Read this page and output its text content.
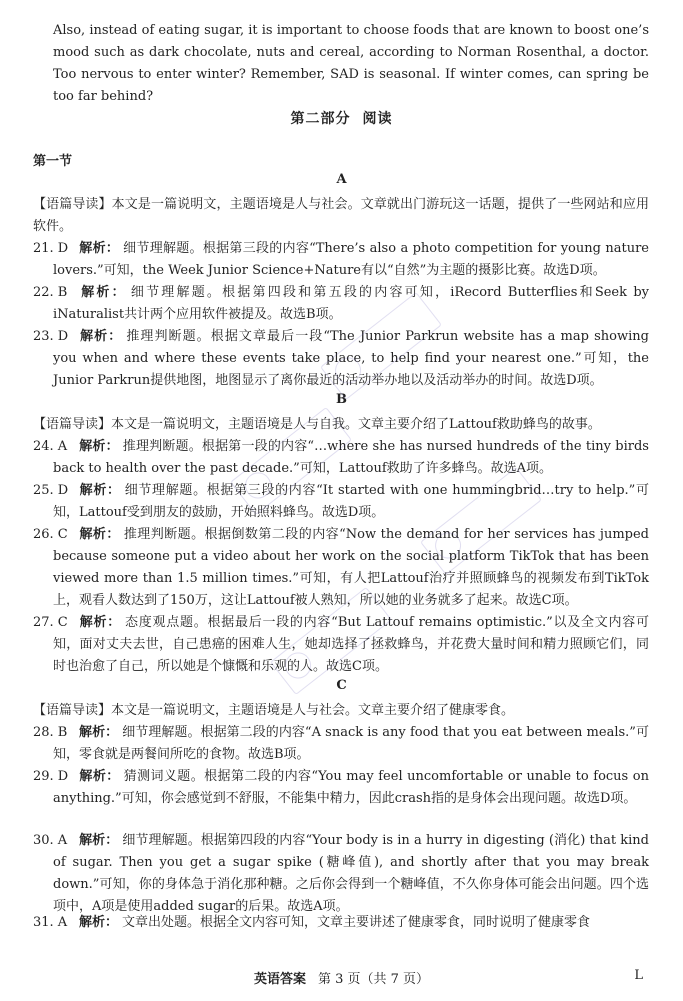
Also, instead of eating sugar, it is important to choose foods that are known to boost one’s mood such as dark chocolate, nuts and cereal, according to Norman Rosenthal, a doctor. Too nervous to enter winter? Remember, SAD is seasonal. If winter comes, can spring be too far behind?
第二部分 阅读
第一节
A
【语篇导读】本文是一篇说明文，主题语境是人与社会。文章就出门游玩这一话题，提供了一些网站和应用软件。
21. D 解析： 细节理解题。根据第三段的内容“There’s also a photo competition for young nature lovers.”可知，the Week Junior Science+Nature有以“自然”为主题的摄影比赛。故选D项。
22. B 解析： 细节理解题。根据第四段和第五段的内容可知，iRecord Butterflies和Seek by iNaturalist共计两个应用软件被提及。故选B项。
23. D 解析： 推理判断题。根据文章最后一段“The Junior Parkrun website has a map showing you when and where these events take place, to help find your nearest one.”可知，the Junior Parkrun提供地图，地图显示了离你最近的活动举办地以及活动举办的时间。故选D项。
B
【语篇导读】本文是一篇说明文，主题语境是人与自我。文章主要介绍了Lattouf救助蜂鸟的故事。
24. A 解析： 推理判断题。根据第一段的内容“…where she has nursed hundreds of the tiny birds back to health over the past decade.”可知，Lattouf救助了许多蜂鸟。故选A项。
25. D 解析： 细节理解题。根据第三段的内容“It started with one hummingbrid…try to help.”可知，Lattouf受到朋友的鼓励，开始照料蜂鸟。故选D项。
26. C 解析： 推理判断题。根据倒数第二段的内容“Now the demand for her services has jumped because someone put a video about her work on the social platform TikTok that has been viewed more than 1.5 million times.”可知，有人把Lattouf治疗并照顾蜂鸟的视频发布到TikTok上，观看人数达到了150万，这让Lattouf被人熟知，所以她的业务就多了起来。故选C项。
27. C 解析： 态度观点题。根据最后一段的内容“But Lattouf remains optimistic.”以及全文内容可知，面对丈夫去世，自己患癌的困难人生，她却选择了拯救蜂鸟，并花费大量时间和精力照顾它们，同时也治愈了自己，所以她是个慷慨和乐观的人。故选C项。
C
【语篇导读】本文是一篇说明文，主题语境是人与社会。文章主要介绍了健康零食。
28. B 解析： 细节理解题。根据第二段的内容“A snack is any food that you eat between meals.”可知，零食就是两餐间所吃的食物。故选B项。
29. D 解析： 猜测词义题。根据第二段的内容“You may feel uncomfortable or unable to focus on anything.”可知，你会感觉到不舒服，不能集中精力，因此crash指的是身体会出现问题。故选D项。
30. A 解析： 细节理解题。根据第四段的内容“Your body is in a hurry in digesting (消化) that kind of sugar. Then you get a sugar spike (糖峰值), and shortly after that you may break down.”可知，你的身体急于消化那种糖。之后你会得到一个糖峰值，不久你身体可能会出问题。四个选项中，A项是使用added sugar的后果。故选A项。
31. A 解析： 文章出处题。根据全文内容可知，文章主要讲述了健康零食，同时说明了健康零食
英语答案 第 3 页（共 7 页）	L
